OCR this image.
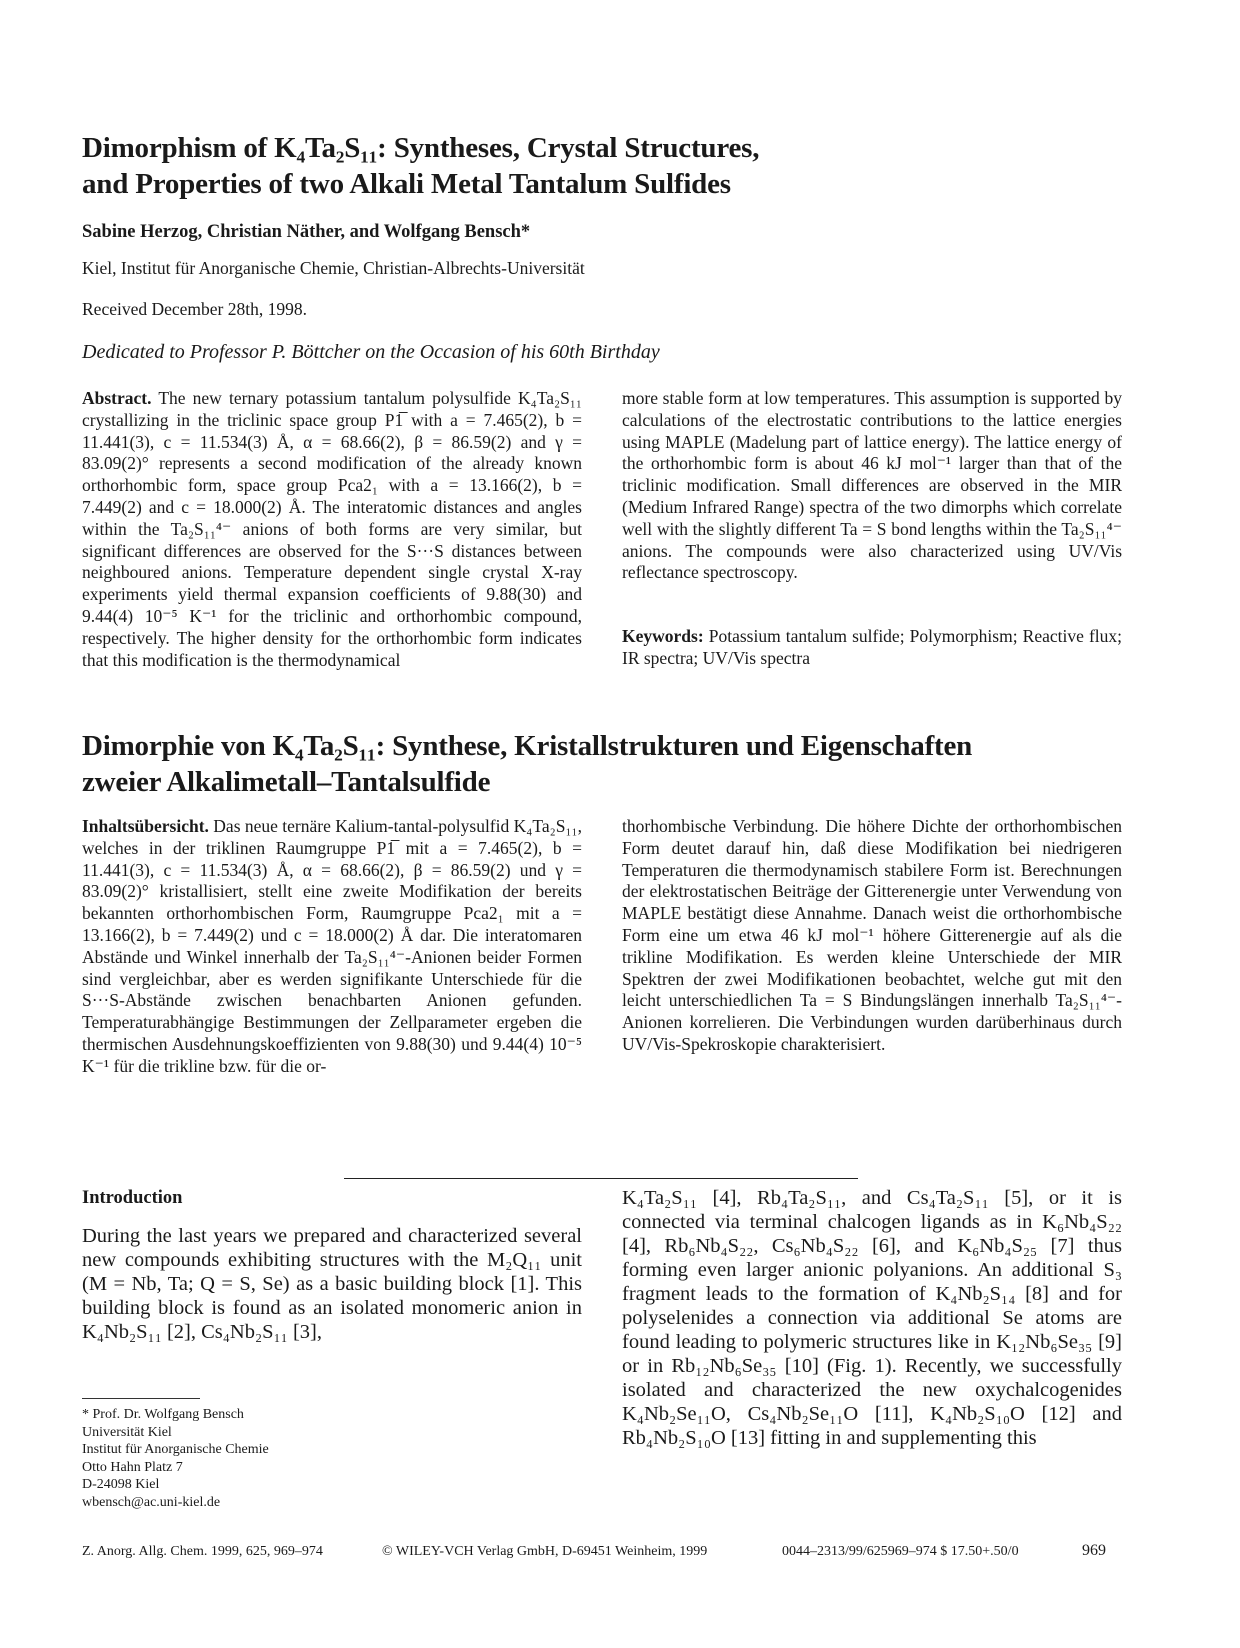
Dimorphism of K₄Ta₂S₁₁: Syntheses, Crystal Structures,

and Properties of two Alkali Metal Tantalum Sulfides

Sabine Herzog, Christian Näther, and Wolfgang Bensch*
Kiel, Institut für Anorganische Chemie, Christian-Albrechts-Universität
Received December 28th, 1998.
Dedicated to Professor P. Böttcher on the Occasion of his 60th Birthday

Abstract. The new ternary potassium tantalum polysulfide K₄Ta₂S₁₁ crystallizing in the triclinic space group P1̅ with a = 7.465(2), b = 11.441(3), c = 11.534(3) Å, α = 68.66(2), β = 86.59(2) and γ = 83.09(2)° represents a second modification of the already known orthorhombic form, space group Pca2₁ with a = 13.166(2), b = 7.449(2) and c = 18.000(2) Å. The interatomic distances and angles within the Ta₂S₁₁⁴⁻ anions of both forms are very similar, but significant differences are observed for the S···S distances between neighboured anions. Temperature dependent single crystal X-ray experiments yield thermal expansion coefficients of 9.88(30) and 9.44(4) 10⁻⁵ K⁻¹ for the triclinic and orthorhombic compound, respectively. The higher density for the orthorhombic form indicates that this modification is the thermodynamical

more stable form at low temperatures. This assumption is supported by calculations of the electrostatic contributions to the lattice energies using MAPLE (Madelung part of lattice energy). The lattice energy of the orthorhombic form is about 46 kJ mol⁻¹ larger than that of the triclinic modification. Small differences are observed in the MIR (Medium Infrared Range) spectra of the two dimorphs which correlate well with the slightly different Ta = S bond lengths within the Ta₂S₁₁⁴⁻ anions. The compounds were also characterized using UV/Vis reflectance spectroscopy.

Keywords: Potassium tantalum sulfide; Polymorphism; Reactive flux; IR spectra; UV/Vis spectra

Dimorphie von K₄Ta₂S₁₁: Synthese, Kristallstrukturen und Eigenschaften

zweier Alkalimetall–Tantalsulfide

Inhaltsübersicht. Das neue ternäre Kalium-tantal-polysulfid K₄Ta₂S₁₁, welches in der triklinen Raumgruppe P1̅ mit a = 7.465(2), b = 11.441(3), c = 11.534(3) Å, α = 68.66(2), β = 86.59(2) und γ = 83.09(2)° kristallisiert, stellt eine zweite Modifikation der bereits bekannten orthorhombischen Form, Raumgruppe Pca2₁ mit a = 13.166(2), b = 7.449(2) und c = 18.000(2) Å dar. Die interatomaren Abstände und Winkel innerhalb der Ta₂S₁₁⁴⁻-Anionen beider Formen sind vergleichbar, aber es werden signifikante Unterschiede für die S···S-Abstände zwischen benachbarten Anionen gefunden. Temperaturabhängige Bestimmungen der Zellparameter ergeben die thermischen Ausdehnungskoeffizienten von 9.88(30) und 9.44(4) 10⁻⁵ K⁻¹ für die trikline bzw. für die or-

thorhombische Verbindung. Die höhere Dichte der orthorhombischen Form deutet darauf hin, daß diese Modifikation bei niedrigeren Temperaturen die thermodynamisch stabilere Form ist. Berechnungen der elektrostatischen Beiträge der Gitterenergie unter Verwendung von MAPLE bestätigt diese Annahme. Danach weist die orthorhombische Form eine um etwa 46 kJ mol⁻¹ höhere Gitterenergie auf als die trikline Modifikation. Es werden kleine Unterschiede der MIR Spektren der zwei Modifikationen beobachtet, welche gut mit den leicht unterschiedlichen Ta = S Bindungslängen innerhalb Ta₂S₁₁⁴⁻-Anionen korrelieren. Die Verbindungen wurden darüberhinaus durch UV/Vis-Spekroskopie charakterisiert.

Introduction

During the last years we prepared and characterized several new compounds exhibiting structures with the M₂Q₁₁ unit (M = Nb, Ta; Q = S, Se) as a basic building block [1]. This building block is found as an isolated monomeric anion in K₄Nb₂S₁₁ [2], Cs₄Nb₂S₁₁ [3],

K₄Ta₂S₁₁ [4], Rb₄Ta₂S₁₁, and Cs₄Ta₂S₁₁ [5], or it is connected via terminal chalcogen ligands as in K₆Nb₄S₂₂ [4], Rb₆Nb₄S₂₂, Cs₆Nb₄S₂₂ [6], and K₆Nb₄S₂₅ [7] thus forming even larger anionic polyanions. An additional S₃ fragment leads to the formation of K₄Nb₂S₁₄ [8] and for polyselenides a connection via additional Se atoms are found leading to polymeric structures like in K₁₂Nb₆Se₃₅ [9] or in Rb₁₂Nb₆Se₃₅ [10] (Fig. 1). Recently, we successfully isolated and characterized the new oxychalcogenides K₄Nb₂Se₁₁O, Cs₄Nb₂Se₁₁O [11], K₄Nb₂S₁₀O [12] and Rb₄Nb₂S₁₀O [13] fitting in and supplementing this

* Prof. Dr. Wolfgang Bensch
Universität Kiel
Institut für Anorganische Chemie
Otto Hahn Platz 7
D-24098 Kiel
wbensch@ac.uni-kiel.de
Z. Anorg. Allg. Chem. 1999, 625, 969–974	© WILEY-VCH Verlag GmbH, D-69451 Weinheim, 1999	0044–2313/99/625969–974 $ 17.50+.50/0	969
